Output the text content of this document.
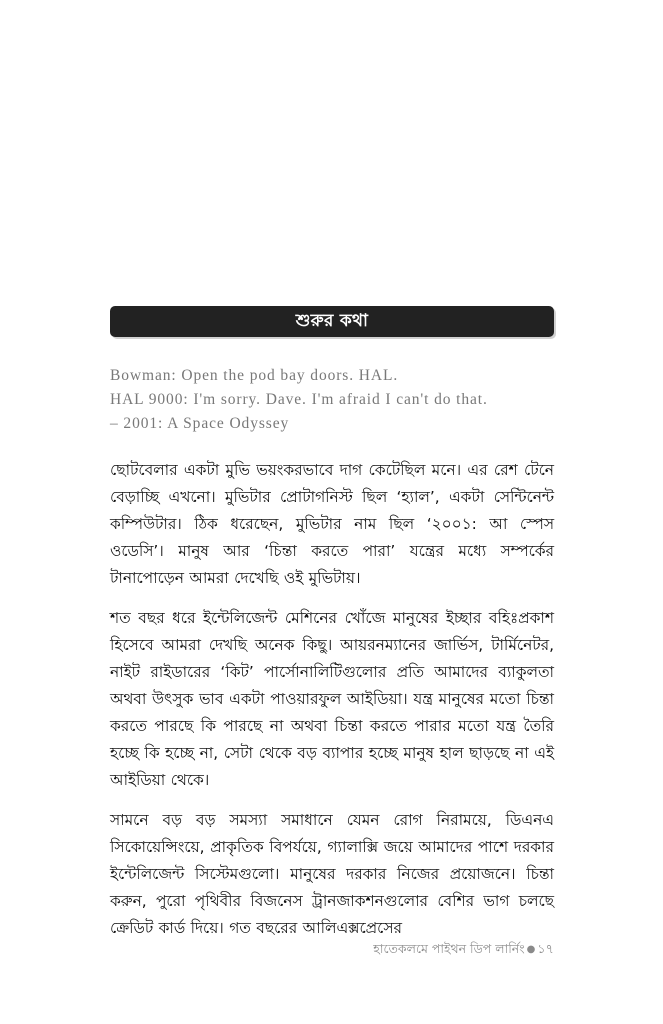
শুরুর কথা
Bowman: Open the pod bay doors. HAL.
HAL 9000: I'm sorry. Dave. I'm afraid I can't do that.
– 2001: A Space Odyssey

ছোটবেলার একটা মুভি ভয়ংকরভাবে দাগ কেটেছিল মনে। এর রেশ টেনে বেড়াচ্ছি এখনো। মুভিটার প্রোটাগনিস্ট ছিল ‘হ্যাল’, একটা সেন্টিনেন্ট কম্পিউটার। ঠিক ধরেছেন, মুভিটার নাম ছিল ‘২০০১: আ স্পেস ওডেসি’। মানুষ আর ‘চিন্তা করতে পারা’ যন্ত্রের মধ্যে সম্পর্কের টানাপোড়েন আমরা দেখেছি ওই মুভিটায়।

শত বছর ধরে ইন্টেলিজেন্ট মেশিনের খোঁজে মানুষের ইচ্ছার বহিঃপ্রকাশ হিসেবে আমরা দেখছি অনেক কিছু। আয়রনম্যানের জার্ভিস, টার্মিনেটর, নাইট রাইডারের ‘কিট’ পার্সোনালিটিগুলোর প্রতি আমাদের ব্যাকুলতা অথবা উৎসুক ভাব একটা পাওয়ারফুল আইডিয়া। যন্ত্র মানুষের মতো চিন্তা করতে পারছে কি পারছে না অথবা চিন্তা করতে পারার মতো যন্ত্র তৈরি হচ্ছে কি হচ্ছে না, সেটা থেকে বড় ব্যাপার হচ্ছে মানুষ হাল ছাড়ছে না এই আইডিয়া থেকে।

সামনে বড় বড় সমস্যা সমাধানে যেমন রোগ নিরাময়ে, ডিএনএ সিকোয়েন্সিংয়ে, প্রাকৃতিক বিপর্যয়ে, গ্যালাক্সি জয়ে আমাদের পাশে দরকার ইন্টেলিজেন্ট সিস্টেমগুলো। মানুষের দরকার নিজের প্রয়োজনে। চিন্তা করুন, পুরো পৃথিবীর বিজনেস ট্রানজাকশনগুলোর বেশির ভাগ চলছে ক্রেডিট কার্ড দিয়ে। গত বছরের আলিএক্সপ্রেসের

হাতেকলমে পাইথন ডিপ লার্নিং ● ১৭
